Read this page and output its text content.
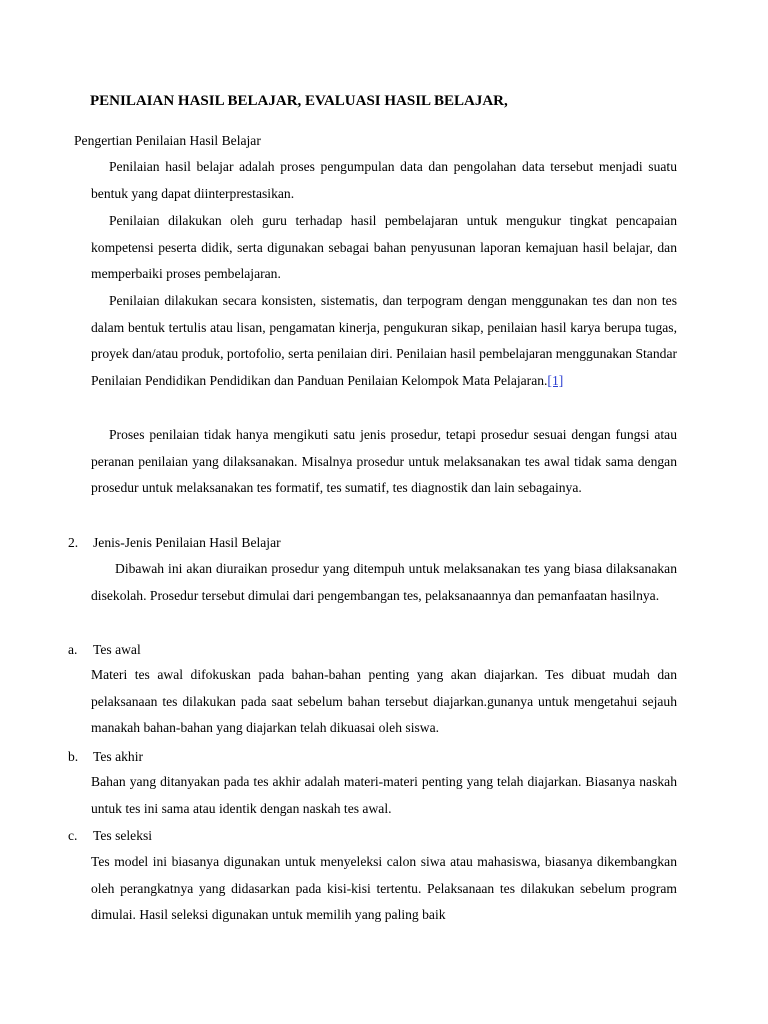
PENILAIAN HASIL BELAJAR, EVALUASI HASIL BELAJAR,
Pengertian Penilaian Hasil Belajar

Penilaian hasil belajar adalah proses pengumpulan data dan pengolahan data tersebut menjadi suatu bentuk yang dapat diinterprestasikan.

Penilaian dilakukan oleh guru terhadap hasil pembelajaran untuk mengukur tingkat pencapaian kompetensi peserta didik, serta digunakan sebagai bahan penyusunan laporan kemajuan hasil belajar, dan memperbaiki proses pembelajaran.

Penilaian dilakukan secara konsisten, sistematis, dan terpogram dengan menggunakan tes dan non tes dalam bentuk tertulis atau lisan, pengamatan kinerja, pengukuran sikap, penilaian hasil karya berupa tugas, proyek dan/atau produk, portofolio, serta penilaian diri. Penilaian hasil pembelajaran menggunakan Standar Penilaian Pendidikan Pendidikan dan Panduan Penilaian Kelompok Mata Pelajaran.[1]

Proses penilaian tidak hanya mengikuti satu jenis prosedur, tetapi prosedur sesuai dengan fungsi atau peranan penilaian yang dilaksanakan. Misalnya prosedur untuk melaksanakan tes awal tidak sama dengan prosedur untuk melaksanakan tes formatif, tes sumatif, tes diagnostik dan lain sebagainya.

2. Jenis-Jenis Penilaian Hasil Belajar

Dibawah ini akan diuraikan prosedur yang ditempuh untuk melaksanakan tes yang biasa dilaksanakan disekolah. Prosedur tersebut dimulai dari pengembangan tes, pelaksanaannya dan pemanfaatan hasilnya.

a. Tes awal

Materi tes awal difokuskan pada bahan-bahan penting yang akan diajarkan. Tes dibuat mudah dan pelaksanaan tes dilakukan pada saat sebelum bahan tersebut diajarkan.gunanya untuk mengetahui sejauh manakah bahan-bahan yang diajarkan telah dikuasai oleh siswa.

b. Tes akhir

Bahan yang ditanyakan pada tes akhir adalah materi-materi penting yang telah diajarkan. Biasanya naskah untuk tes ini sama atau identik dengan naskah tes awal.

c. Tes seleksi

Tes model ini biasanya digunakan untuk menyeleksi calon siwa atau mahasiswa, biasanya dikembangkan oleh perangkatnya yang didasarkan pada kisi-kisi tertentu. Pelaksanaan tes dilakukan sebelum program dimulai. Hasil seleksi digunakan untuk memilih yang paling baik
